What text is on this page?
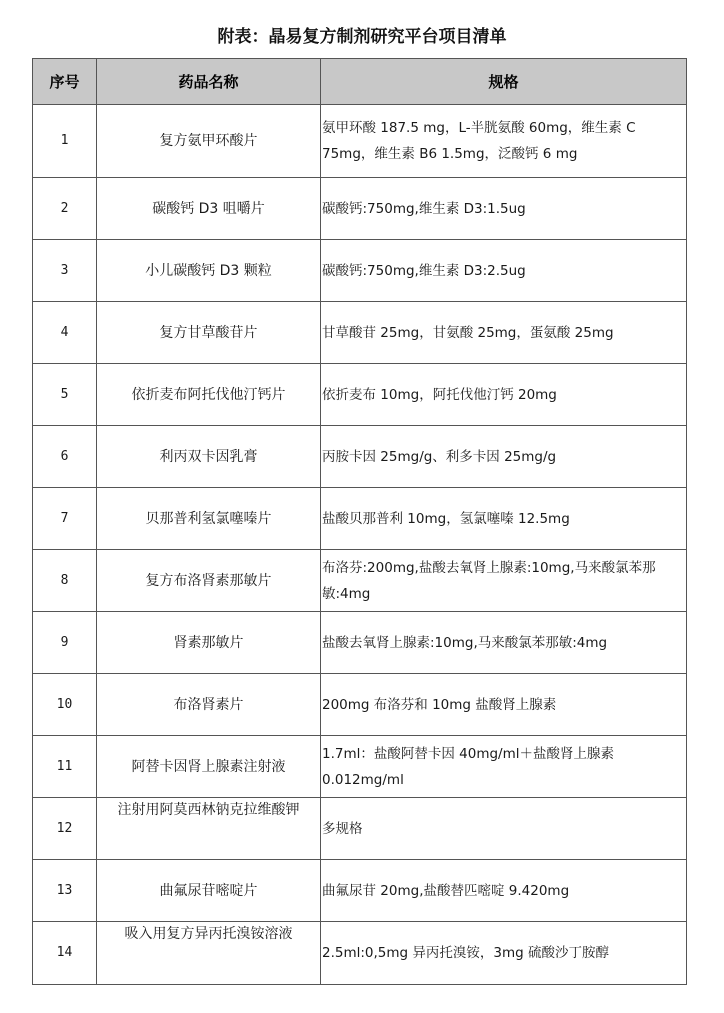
附表：晶易复方制剂研究平台项目清单
序号	药品名称	规格
1	复方氨甲环酸片	氨甲环酸 187.5 mg，L-半胱氨酸 60mg，维生素 C 75mg，维生素 B6 1.5mg，泛酸钙 6 mg
2	碳酸钙 D3 咀嚼片	碳酸钙:750mg,维生素 D3:1.5ug
3	小儿碳酸钙 D3 颗粒	碳酸钙:750mg,维生素 D3:2.5ug
4	复方甘草酸苷片	甘草酸苷 25mg，甘氨酸 25mg，蛋氨酸 25mg
5	依折麦布阿托伐他汀钙片	依折麦布 10mg，阿托伐他汀钙 20mg
6	利丙双卡因乳膏	丙胺卡因 25mg/g、利多卡因 25mg/g
7	贝那普利氢氯噻嗪片	盐酸贝那普利 10mg，氢氯噻嗪 12.5mg
8	复方布洛肾素那敏片	布洛芬:200mg,盐酸去氧肾上腺素:10mg,马来酸氯苯那敏:4mg
9	肾素那敏片	盐酸去氧肾上腺素:10mg,马来酸氯苯那敏:4mg
10	布洛肾素片	200mg 布洛芬和 10mg 盐酸肾上腺素
11	阿替卡因肾上腺素注射液	1.7ml：盐酸阿替卡因 40mg/ml＋盐酸肾上腺素 0.012mg/ml
12	注射用阿莫西林钠克拉维酸钾	多规格
13	曲氟尿苷嘧啶片	曲氟尿苷 20mg,盐酸替匹嘧啶 9.420mg
14	吸入用复方异丙托溴铵溶液	2.5ml:0,5mg 异丙托溴铵，3mg 硫酸沙丁胺醇
